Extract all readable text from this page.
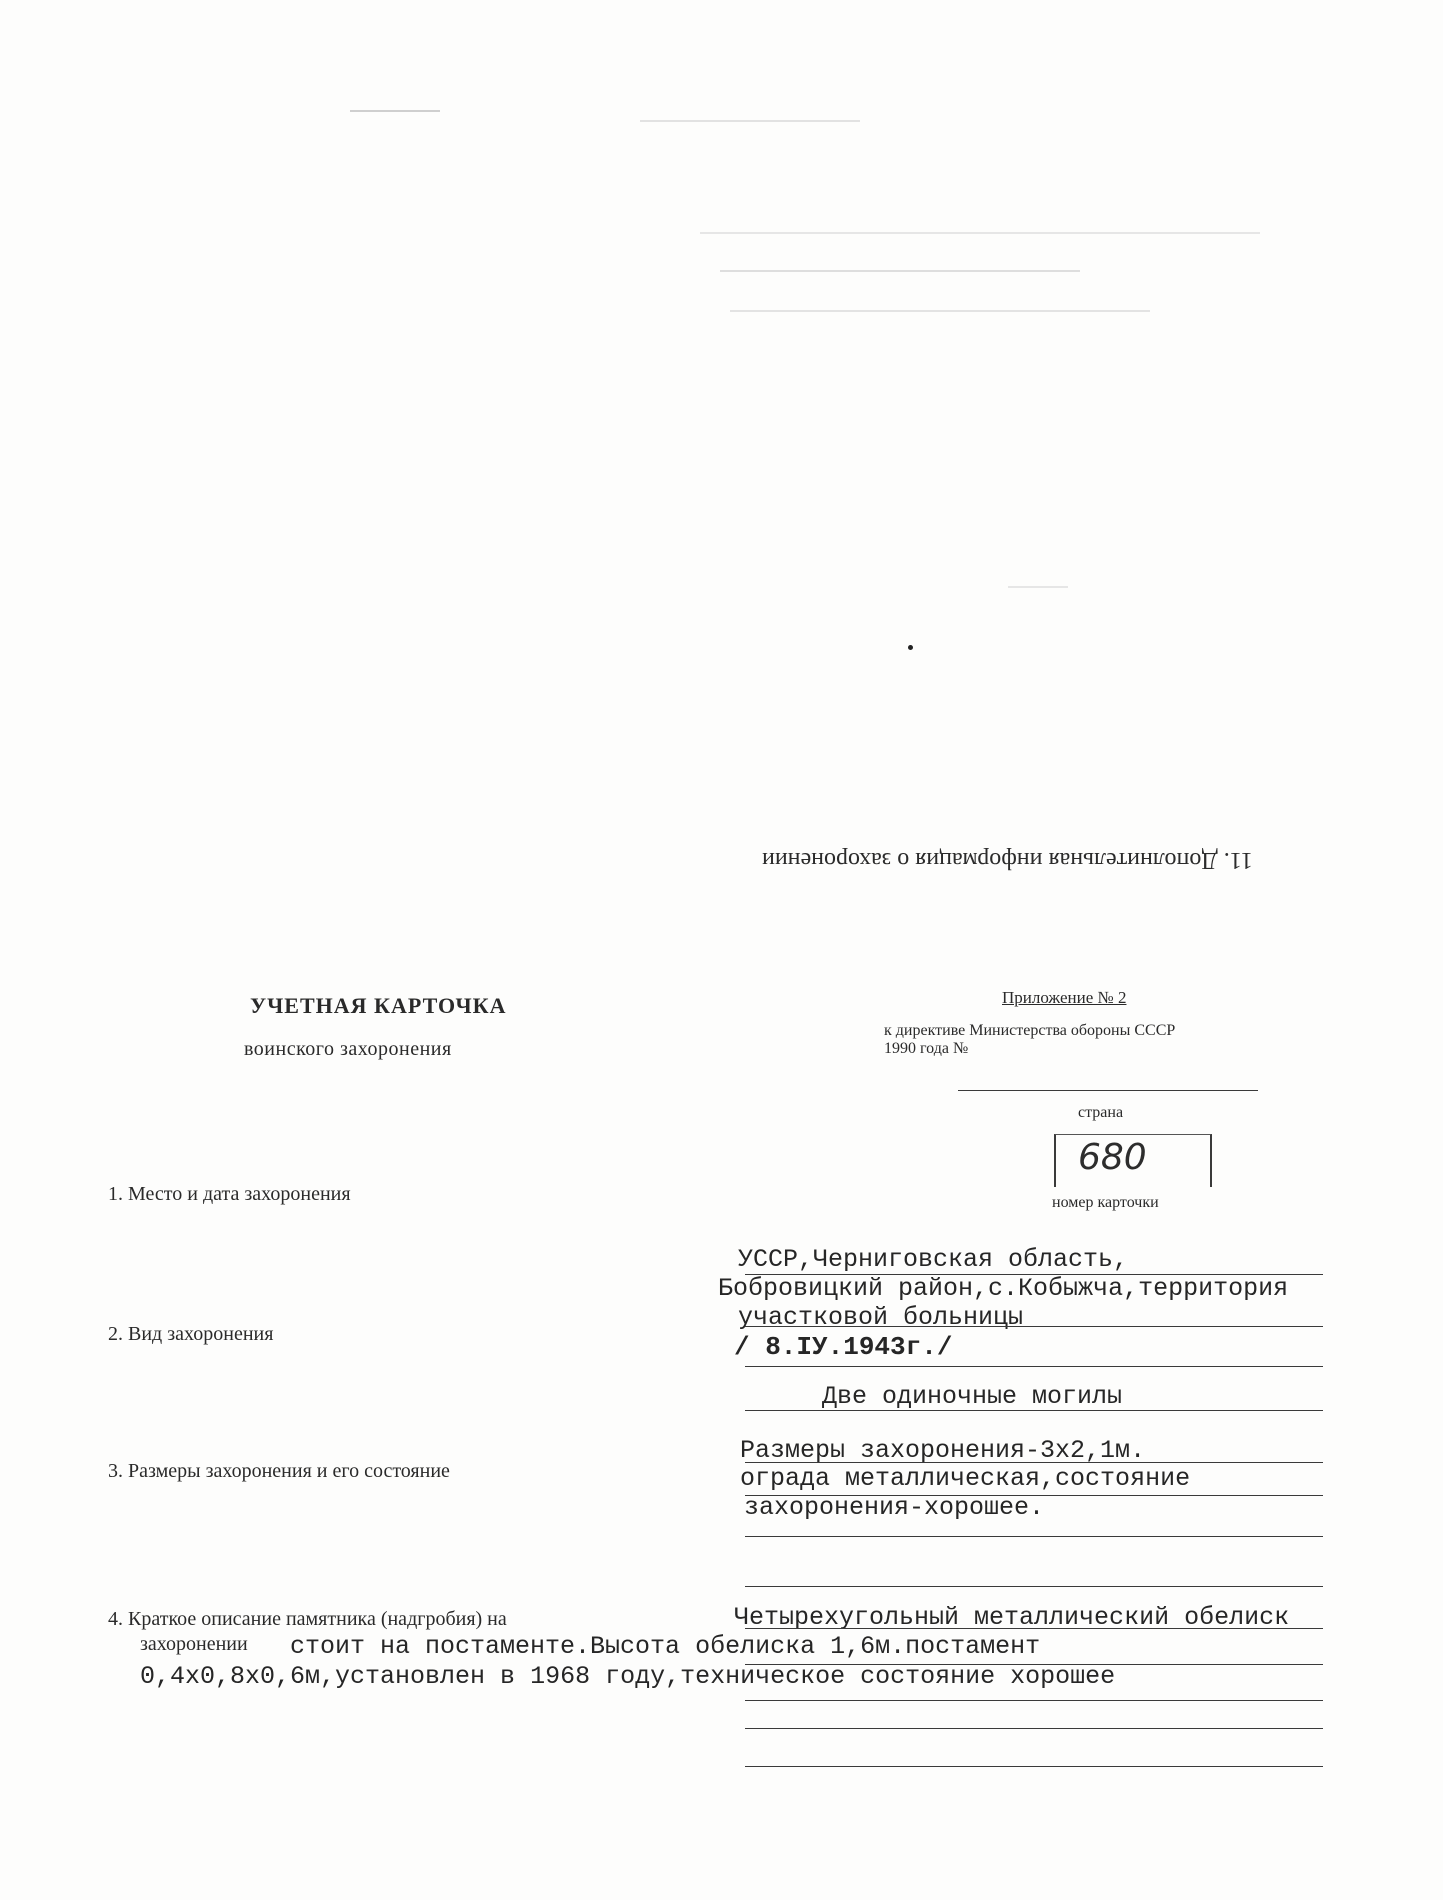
11. Дополнительная информация о захоронении
УЧЕТНАЯ КАРТОЧКА
воинского захоронения
Приложение № 2
к директиве Министерства обороны СССР
1990 года №
страна
680
номер карточки
1. Место и дата захоронения
УССР,Черниговская область,
Бобровицкий район,с.Кобыжча,территория
участковой больницы
/ 8.IУ.1943г./
2. Вид захоронения
Две одиночные могилы
3. Размеры захоронения и его состояние
Размеры захоронения-3х2,1м.
ограда металлическая,состояние
захоронения-хорошее.
4. Краткое описание памятника (надгробия) на
захоронении
Четырехугольный металлический обелиск
стоит на постаменте.Высота обелиска 1,6м.постамент
0,4х0,8х0,6м,установлен в 1968 году,техническое состояние хорошее
